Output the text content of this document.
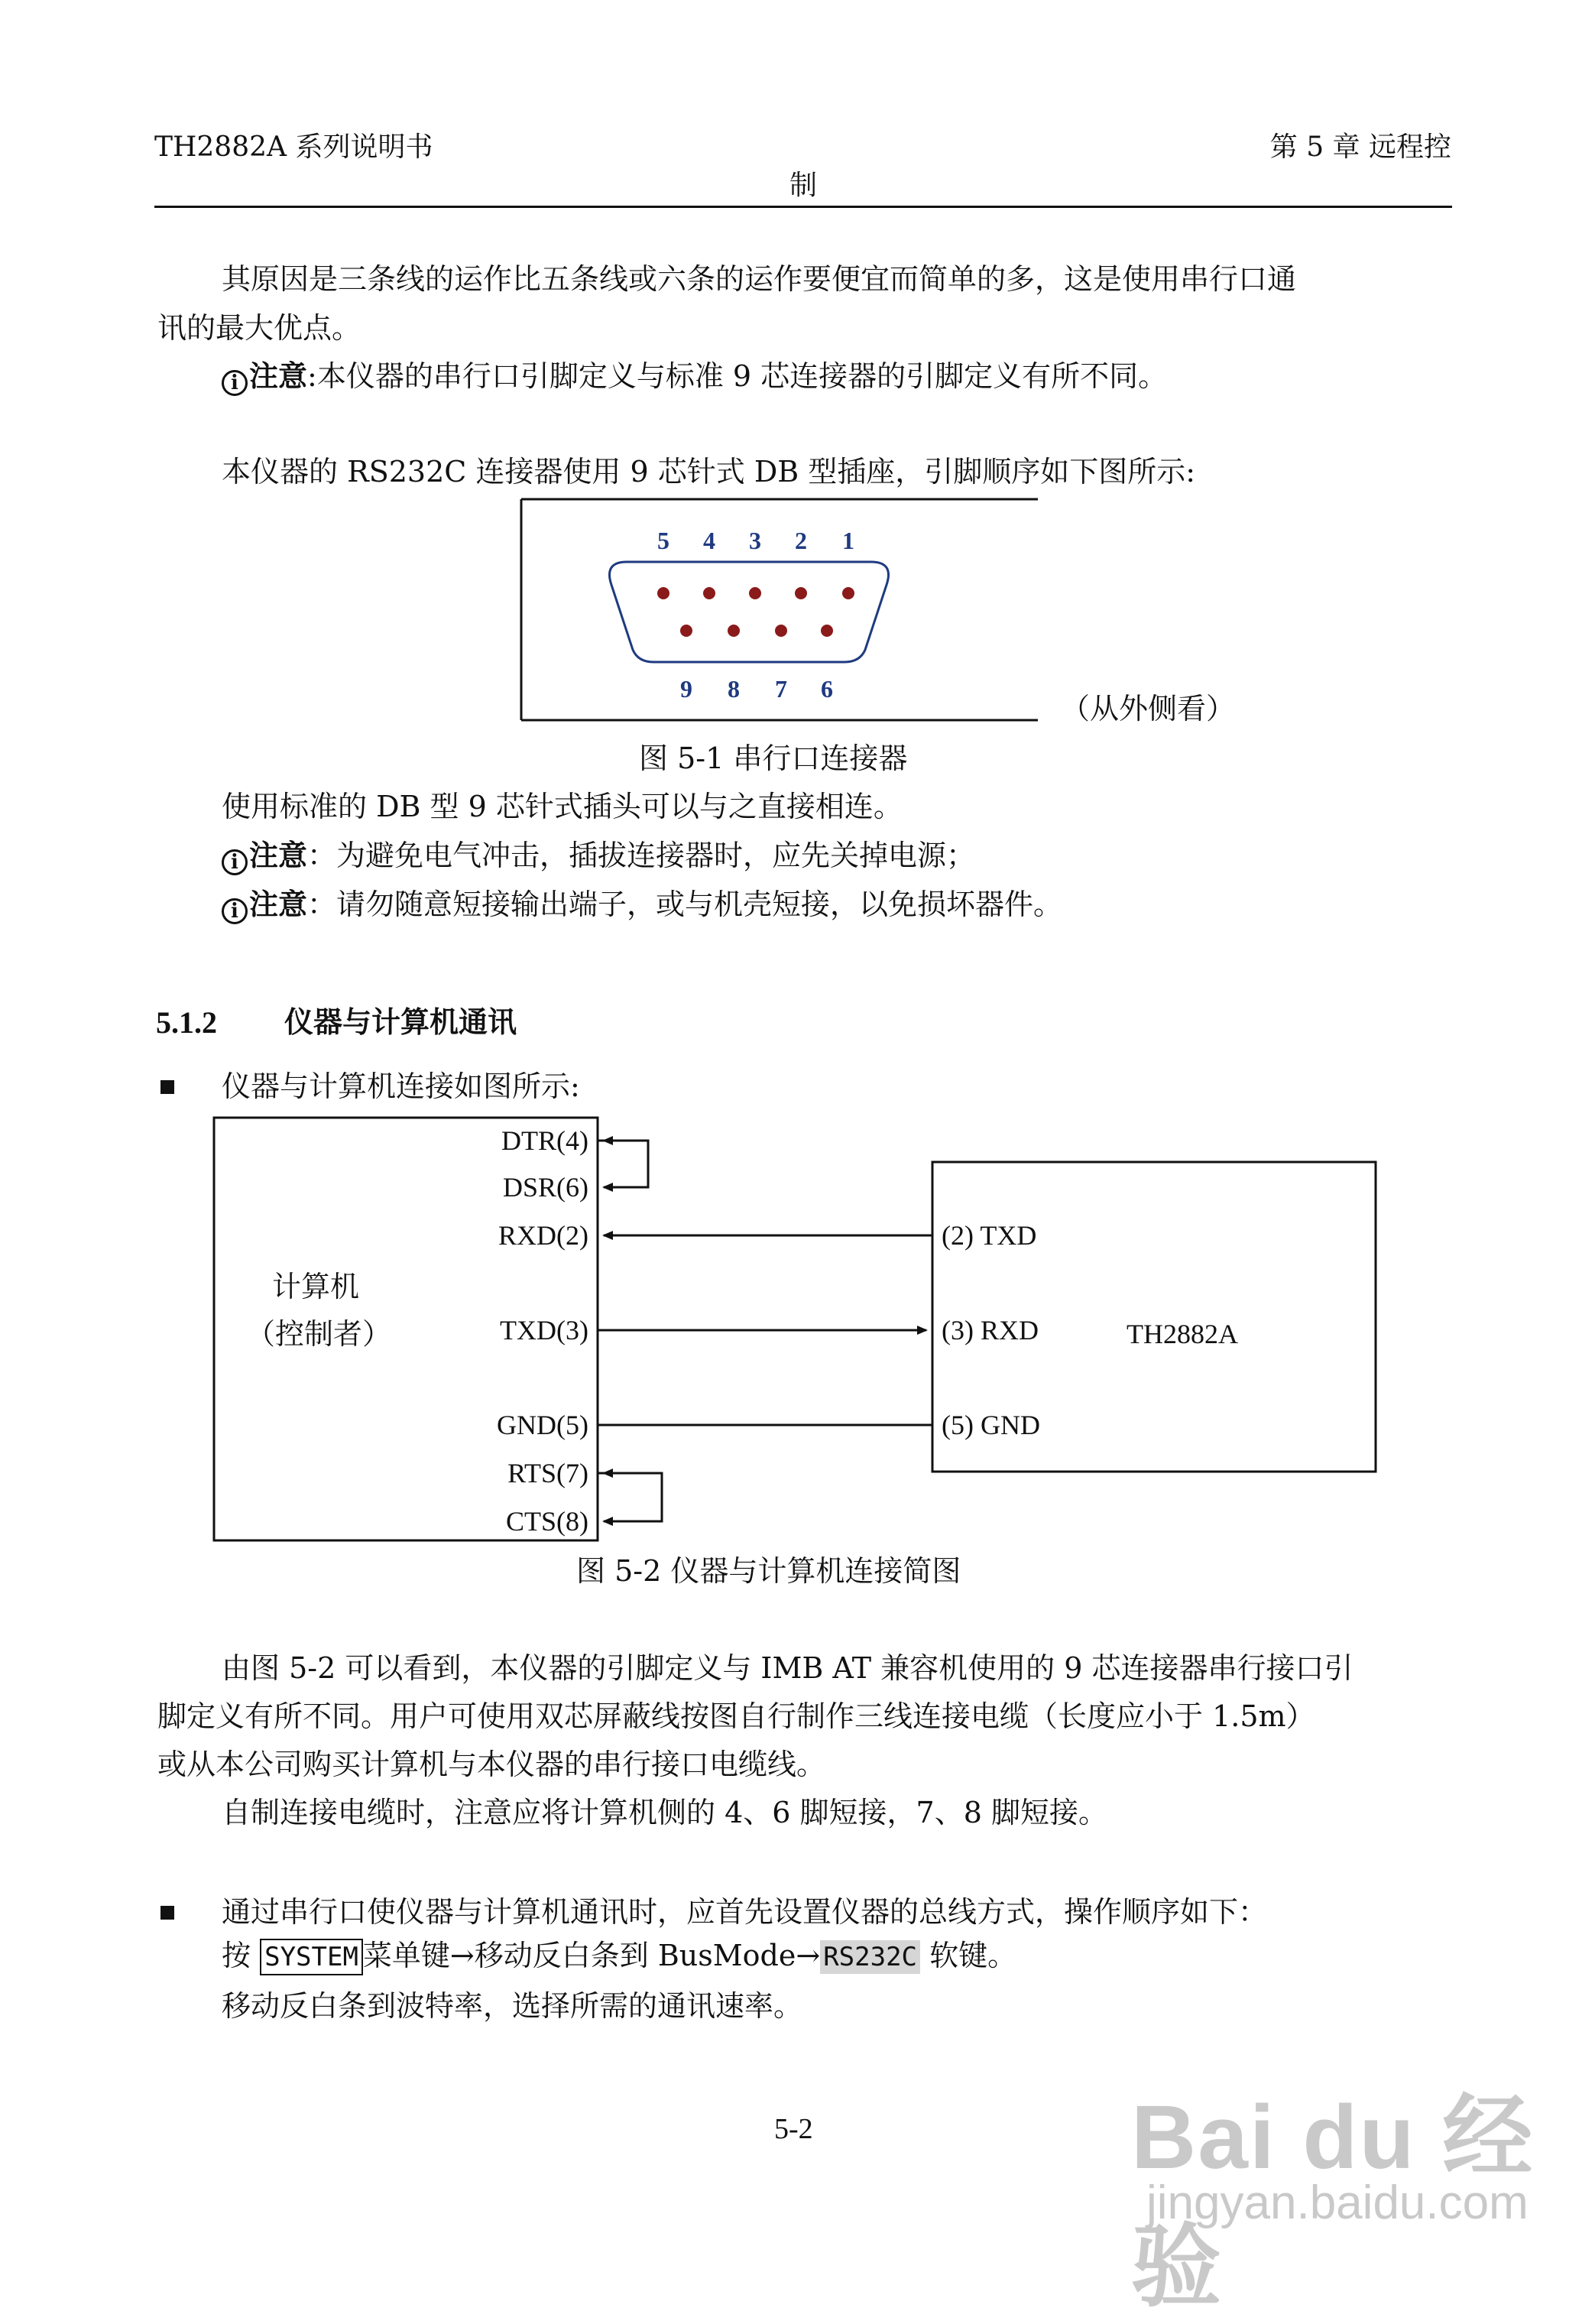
TH2882A 系列说明书	第 5 章 远程控
制
其原因是三条线的运作比五条线或六条的运作要便宜而简单的多，这是使用串行口通
讯的最大优点。
i 注意:本仪器的串行口引脚定义与标准 9 芯连接器的引脚定义有所不同。
本仪器的 RS232C 连接器使用 9 芯针式 DB 型插座，引脚顺序如下图所示:
5 4 3 2 1
9 8 7 6
（从外侧看）
图 5-1 串行口连接器
使用标准的 DB 型 9 芯针式插头可以与之直接相连。
i 注意：为避免电气冲击，插拔连接器时，应先关掉电源；
i 注意：请勿随意短接输出端子，或与机壳短接，以免损坏器件。
5.1.2 仪器与计算机通讯
仪器与计算机连接如图所示:
DTR(4)
DSR(6)
RXD(2)
TXD(3)
GND(5)
RTS(7)
CTS(8)
(2) TXD
(3) RXD
(5) GND
计算机
（控制者）	TH2882A
图 5-2 仪器与计算机连接简图
由图 5-2 可以看到，本仪器的引脚定义与 IMB AT 兼容机使用的 9 芯连接器串行接口引
脚定义有所不同。用户可使用双芯屏蔽线按图自行制作三线连接电缆（长度应小于 1.5m）
或从本公司购买计算机与本仪器的串行接口电缆线。
自制连接电缆时，注意应将计算机侧的 4、6 脚短接，7、8 脚短接。
通过串行口使仪器与计算机通讯时，应首先设置仪器的总线方式，操作顺序如下：
按 SYSTEM 菜单键→移动反白条到 BusMode→ RS232C 软键。
移动反白条到波特率，选择所需的通讯速率。
5-2	Bai du 经验
jingyan.baidu.com
